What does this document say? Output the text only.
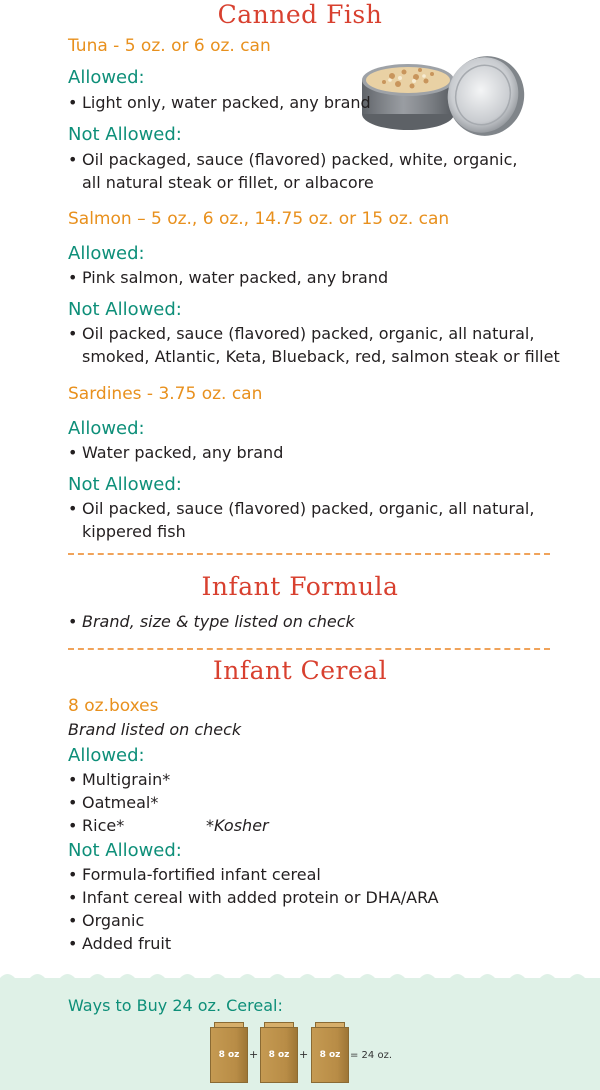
Canned Fish
Tuna - 5 oz. or 6 oz. can
Allowed:
• Light only, water packed, any brand
Not Allowed:
• Oil packaged, sauce (flavored) packed, white, organic,
all natural steak or fillet, or albacore
Salmon – 5 oz., 6 oz., 14.75 oz. or 15 oz. can
Allowed:
• Pink salmon, water packed, any brand
Not Allowed:
• Oil packed, sauce (flavored) packed, organic, all natural,
smoked, Atlantic, Keta, Blueback, red, salmon steak or fillet
Sardines - 3.75 oz. can
Allowed:
• Water packed, any brand
Not Allowed:
• Oil packed, sauce (flavored) packed, organic, all natural,
kippered fish
Infant Formula
• Brand, size & type listed on check
Infant Cereal
8 oz.boxes
Brand listed on check
Allowed:
• Multigrain*
• Oatmeal*
• Rice*	*Kosher
Not Allowed:
• Formula-fortified infant cereal
• Infant cereal with added protein or DHA/ARA
• Organic
• Added fruit
Ways to Buy 24 oz. Cereal:
8 oz +	8 oz +	8 oz = 24 oz.
